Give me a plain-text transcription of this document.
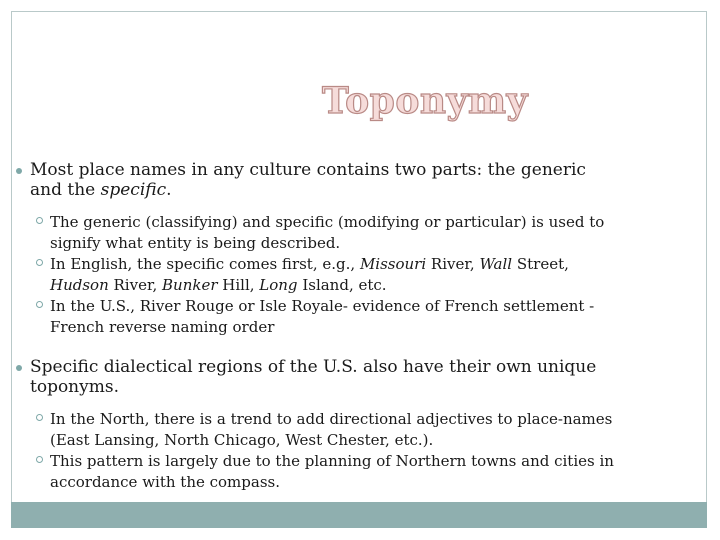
Toponymy
Most place names in any culture contains two parts: the generic and the specific.
The generic (classifying) and specific (modifying or particular) is used to signify what entity is being described.
In English, the specific comes first, e.g., Missouri River, Wall Street, Hudson River, Bunker Hill, Long Island, etc.
In the U.S., River Rouge or Isle Royale- evidence of French settlement - French reverse naming order
Specific dialectical regions of the U.S. also have their own unique toponyms.
In the North, there is a trend to add directional adjectives to place-names (East Lansing, North Chicago, West Chester, etc.).
This pattern is largely due to the planning of Northern towns and cities in accordance with the compass.
